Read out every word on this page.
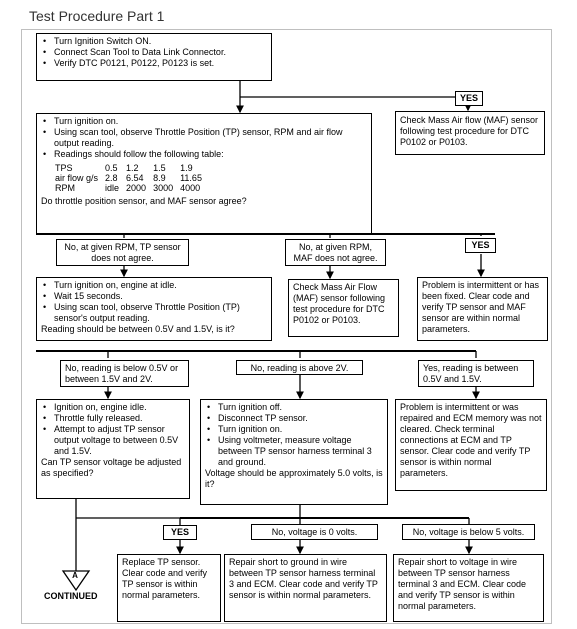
Test Procedure Part 1
• Turn Ignition Switch ON.
• Connect Scan Tool to Data Link Connector.
• Verify DTC P0121, P0122, P0123 is set.
YES
Check Mass Air flow (MAF) sensor following test procedure for DTC P0102 or P0103.
• Turn ignition on.
• Using scan tool, observe Throttle Position (TP) sensor, RPM and air flow output reading.
• Readings should follow the following table:
TPS	0.5	1.2	1.5	1.9
air flow g/s	2.8	6.54	8.9	11.65
RPM	idle	2000	3000	4000

Do throttle position sensor, and MAF sensor agree?

No, at given RPM, TP sensor does not agree.
No, at given RPM, MAF does not agree.
YES
• Turn ignition on, engine at idle.
• Wait 15 seconds.
• Using scan tool, observe Throttle Position (TP) sensor's output reading.

Reading should be between 0.5V and 1.5V, is it?

Check Mass Air Flow (MAF) sensor following test procedure for DTC P0102 or P0103.
Problem is intermittent or has been fixed. Clear code and verify TP sensor and MAF sensor are within normal parameters.
No, reading is below 0.5V or between 1.5V and 2V.
No, reading is above 2V.	Yes, reading is between 0.5V and 1.5V.
• Ignition on, engine idle.
• Throttle fully released.
• Attempt to adjust TP sensor output voltage to between 0.5V and 1.5V.

Can TP sensor voltage be adjusted as specified?

• Turn ignition off.
• Disconnect TP sensor.
• Turn ignition on.
• Using voltmeter, measure voltage between TP sensor harness terminal 3 and ground.

Voltage should be approximately 5.0 volts, is it?

Problem is intermittent or was repaired and ECM memory was not cleared. Check terminal connections at ECM and TP sensor. Clear code and verify TP sensor is within normal parameters.
YES	No, voltage is 0 volts.	No, voltage is below 5 volts.
Replace TP sensor. Clear code and verify TP sensor is within normal parameters.
Repair short to ground in wire between TP sensor harness terminal 3 and ECM. Clear code and verify TP sensor is within normal parameters.
Repair short to voltage in wire between TP sensor harness terminal 3 and ECM. Clear code and verify TP sensor is within normal parameters.
A
CONTINUED
